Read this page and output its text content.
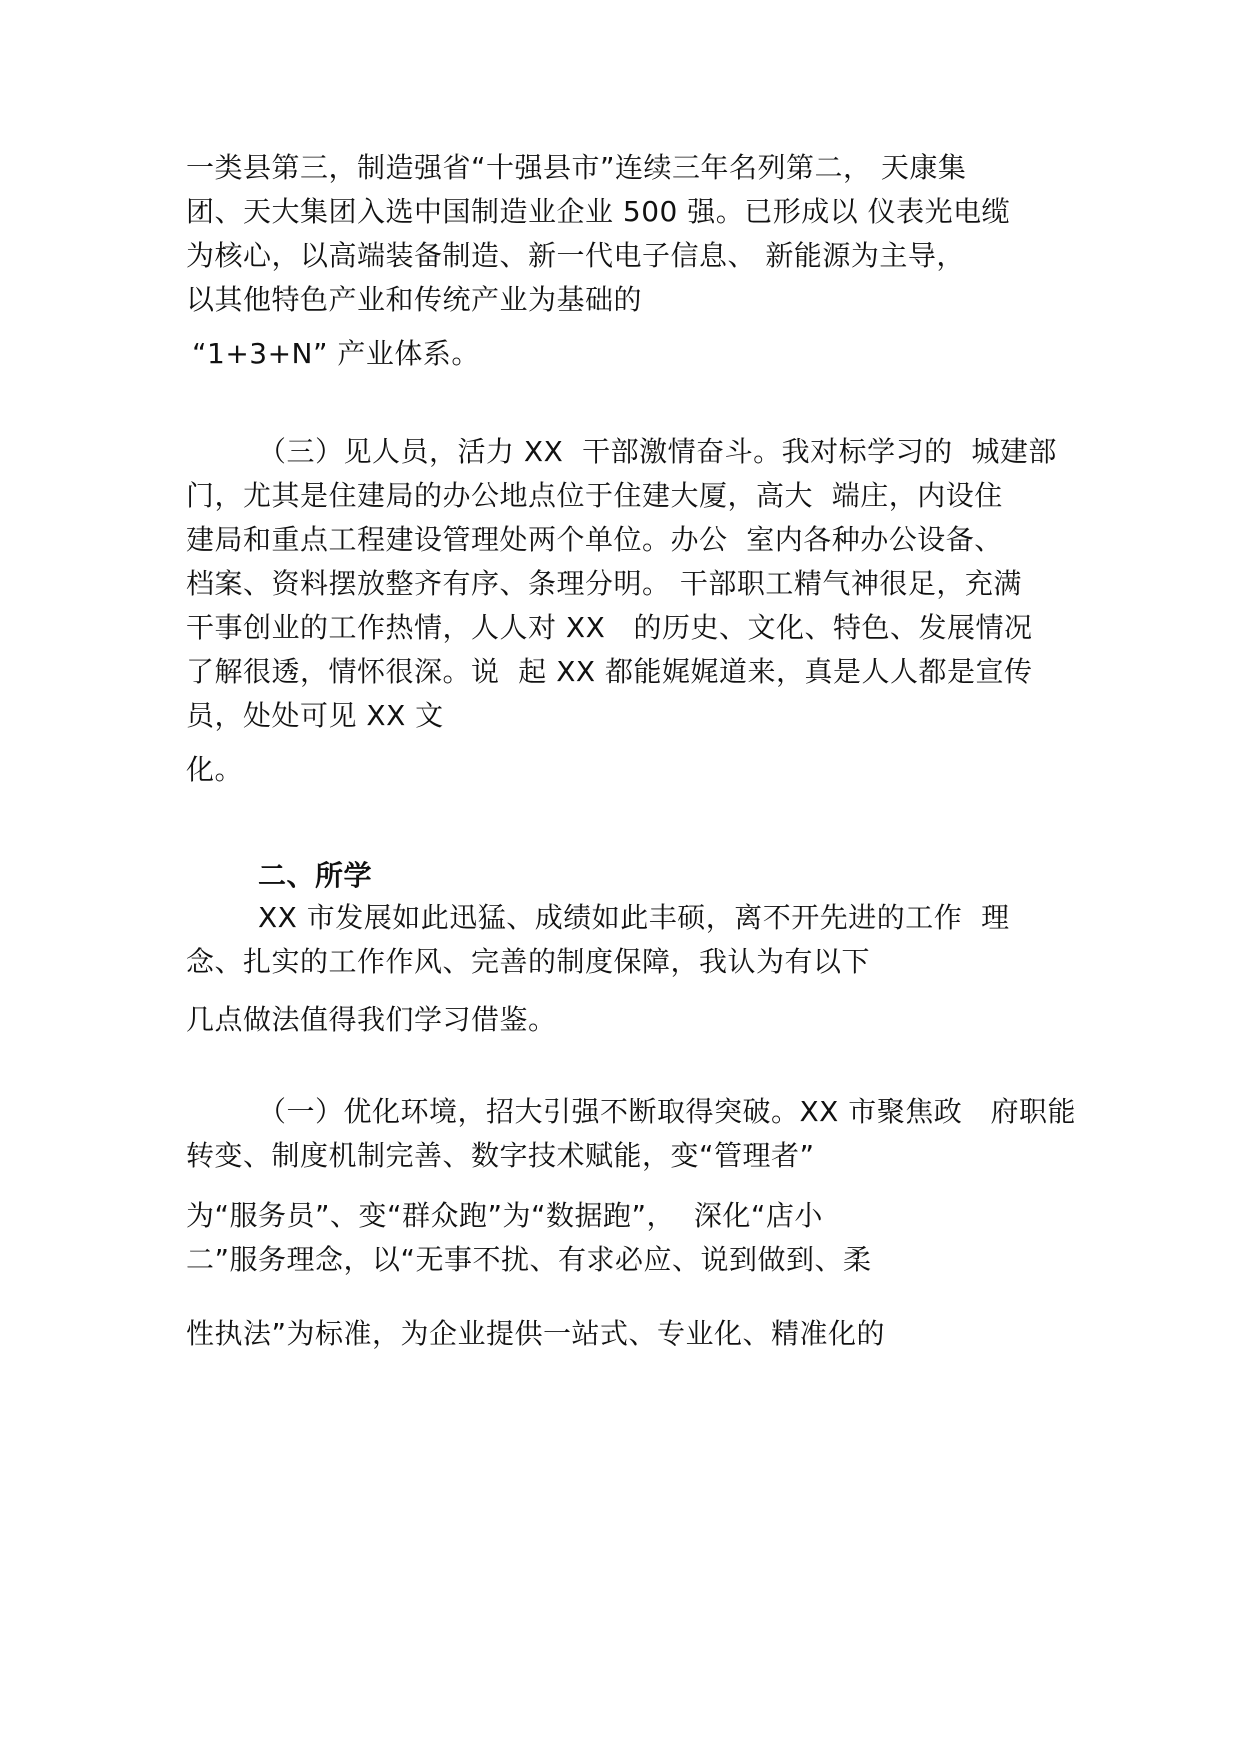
一类县第三，制造强省“十强县市”连续三年名列第二， 天康集
团、天大集团入选中国制造业企业 500 强。已形成以 仪表光电缆
为核心，以高端装备制造、新一代电子信息、 新能源为主导，
以其他特色产业和传统产业为基础的
“1+3+N” 产业体系。
（三）见人员，活力 XX  干部激情奋斗。我对标学习的  城建部
门，尤其是住建局的办公地点位于住建大厦，高大  端庄，内设住
建局和重点工程建设管理处两个单位。办公  室内各种办公设备、
档案、资料摆放整齐有序、条理分明。 干部职工精气神很足，充满
干事创业的工作热情，人人对 XX   的历史、文化、特色、发展情况
了解很透，情怀很深。说  起 XX 都能娓娓道来，真是人人都是宣传
员，处处可见 XX 文
化。
二、所学
XX 市发展如此迅猛、成绩如此丰硕，离不开先进的工作  理
念、扎实的工作作风、完善的制度保障，我认为有以下
几点做法值得我们学习借鉴。
（一）优化环境，招大引强不断取得突破。XX 市聚焦政   府职能
转变、制度机制完善、数字技术赋能，变“管理者”
为“服务员”、变“群众跑”为“数据跑”，  深化“店小
二”服务理念，以“无事不扰、有求必应、说到做到、柔
性执法”为标准，为企业提供一站式、专业化、精准化的
